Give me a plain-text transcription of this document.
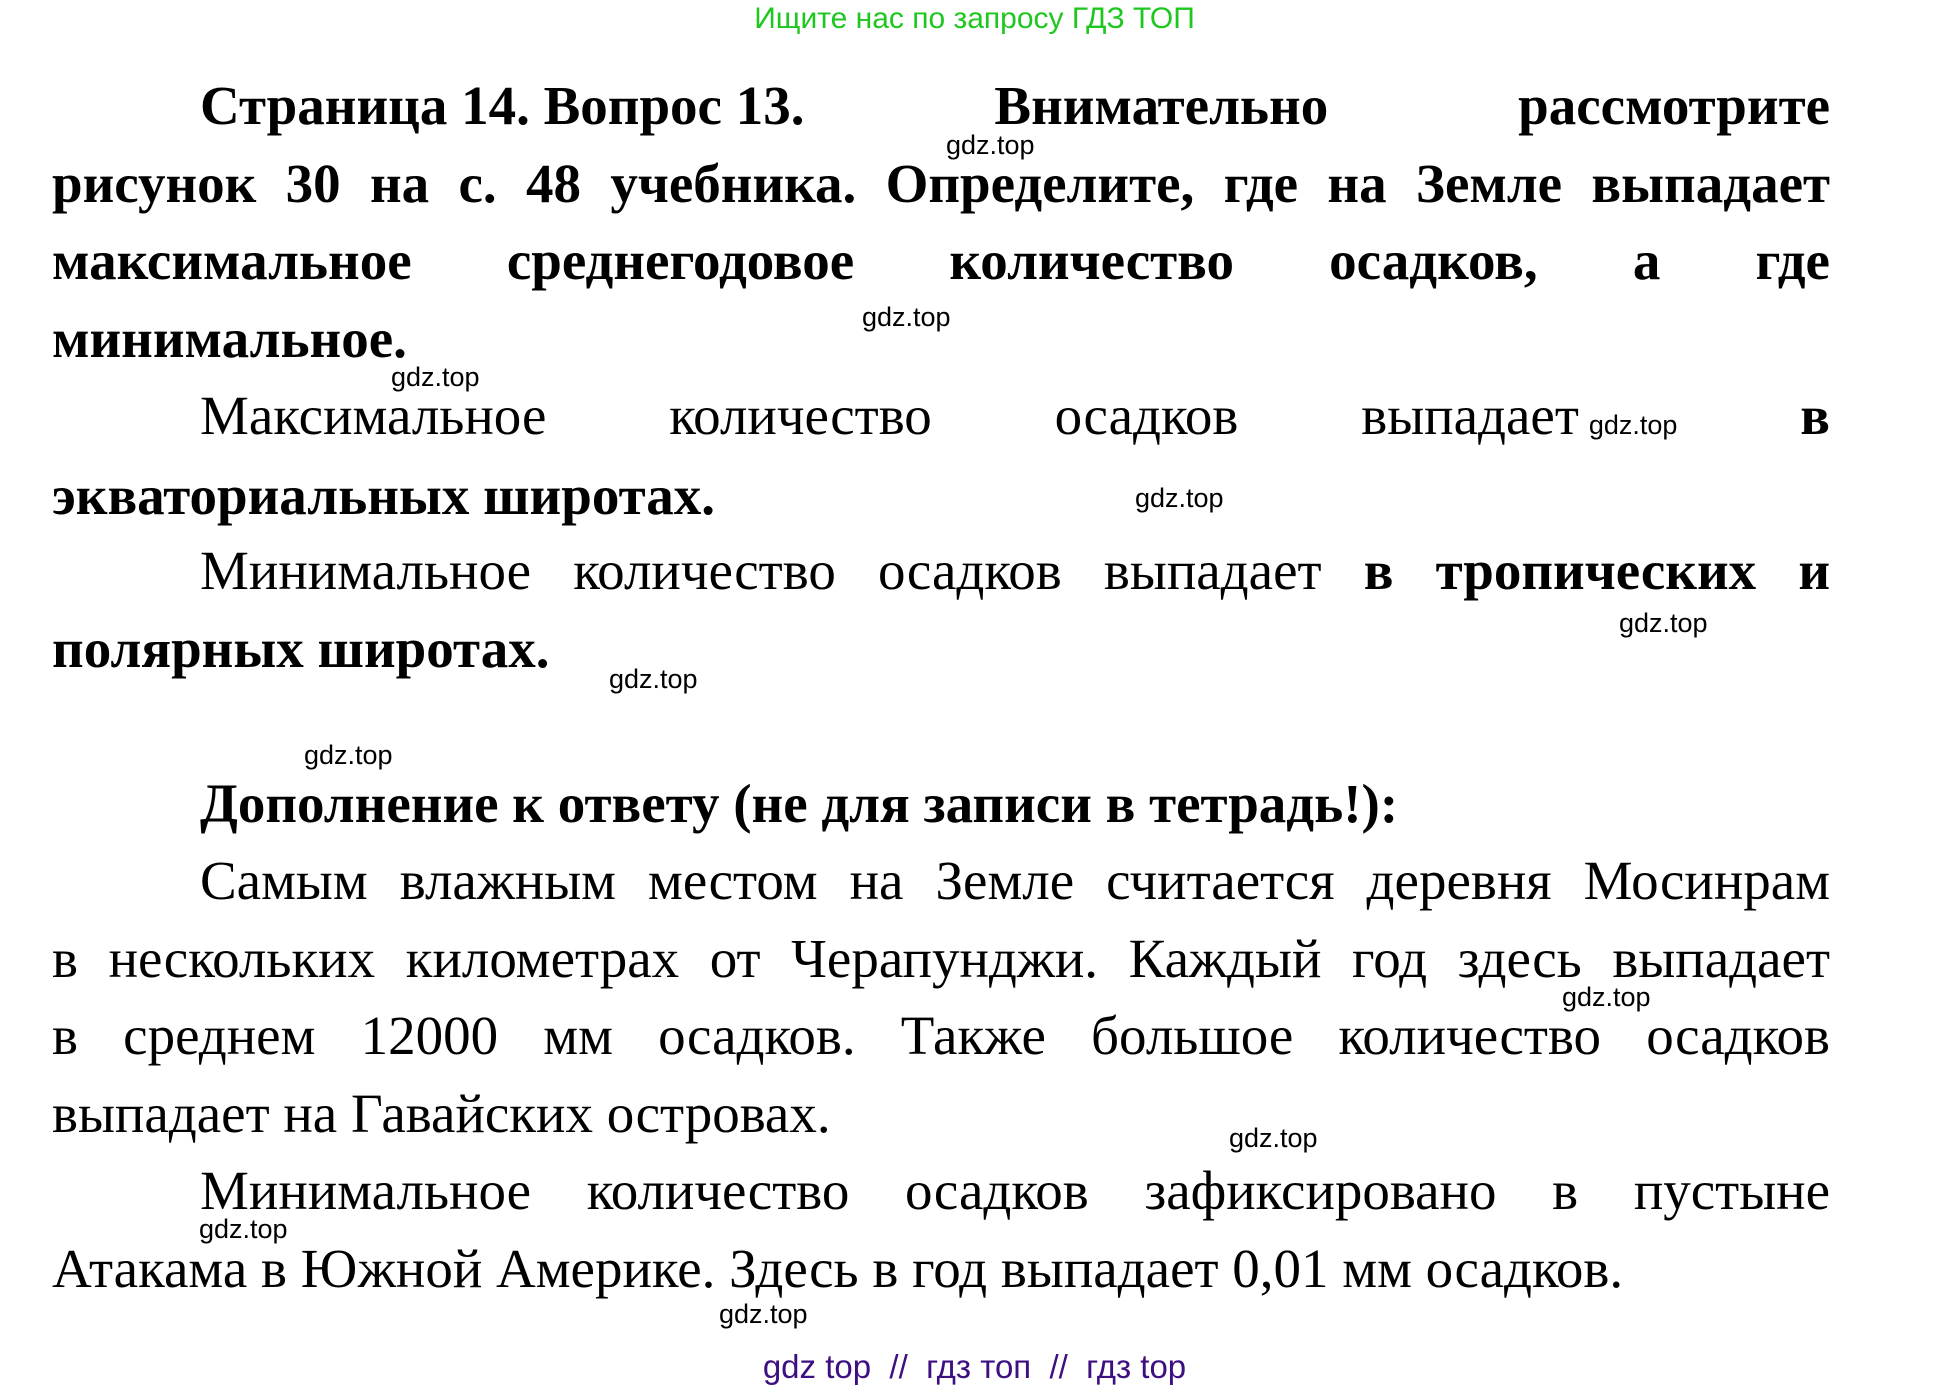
Ищите нас по запросу ГДЗ ТОП
Страница 14. Вопрос 13.	Внимательно	рассмотрите
рисунок 30 на с. 48 учебника. Определите, где на Земле выпадает
максимальное среднегодовое количество осадков, а где
минимальное.
Максимальное количество осадков выпадает gdz.top в
экваториальных широтах.
Минимальное количество осадков выпадает в тропических и
полярных широтах.
Дополнение к ответу (не для записи в тетрадь!):
Самым влажным местом на Земле считается деревня Мосинрам
в нескольких километрах от Черапунджи. Каждый год здесь выпадает
в среднем 12000 мм осадков. Также большое количество осадков
выпадает на Гавайских островах.
Минимальное количество осадков зафиксировано в пустыне
Атакама в Южной Америке. Здесь в год выпадает 0,01 мм осадков.
gdz.top
gdz.top
gdz.top
gdz.top
gdz.top
gdz.top
gdz.top
gdz.top
gdz.top
gdz.top
gdz.top
gdz top  //  гдз топ  //  гдз top
